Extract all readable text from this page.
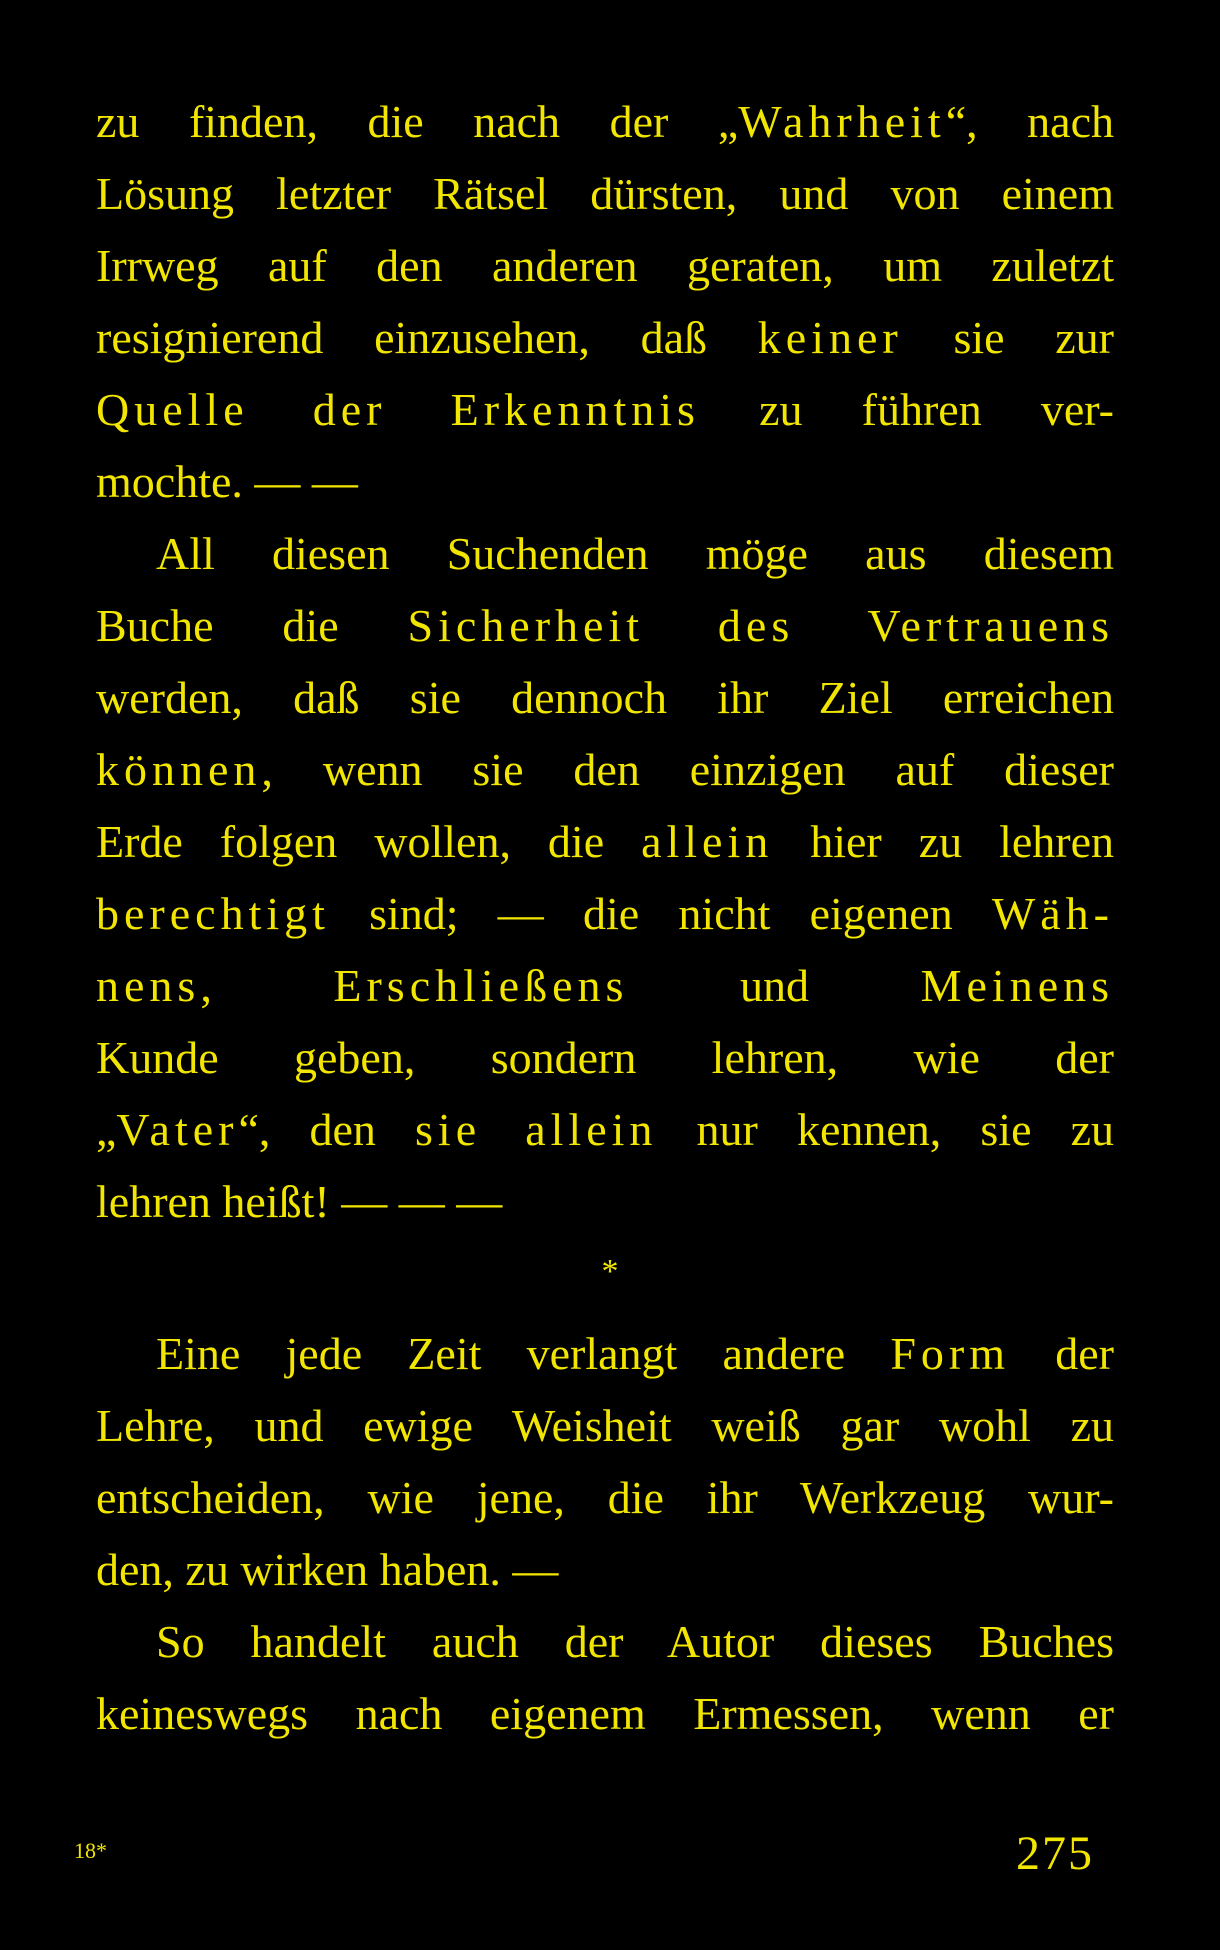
zu finden, die nach der „Wahrheit“, nach
Lösung letzter Rätsel dürsten, und von einem
Irrweg auf den anderen geraten, um zuletzt
resignierend einzusehen, daß keiner sie zur
Quelle der Erkenntnis zu führen ver-
mochte. — —
All diesen Suchenden möge aus diesem
Buche die Sicherheit des Vertrauens
werden, daß sie dennoch ihr Ziel erreichen
können, wenn sie den einzigen auf dieser
Erde folgen wollen, die allein hier zu lehren
berechtigt sind; — die nicht eigenen Wäh-
nens, Erschließens und Meinens
Kunde geben, sondern lehren, wie der
„Vater“, den sie allein nur kennen, sie zu
lehren heißt! — — —
*
Eine jede Zeit verlangt andere Form der
Lehre, und ewige Weisheit weiß gar wohl zu
entscheiden, wie jene, die ihr Werkzeug wur-
den, zu wirken haben. —
So handelt auch der Autor dieses Buches
keineswegs nach eigenem Ermessen, wenn er
18*	275
